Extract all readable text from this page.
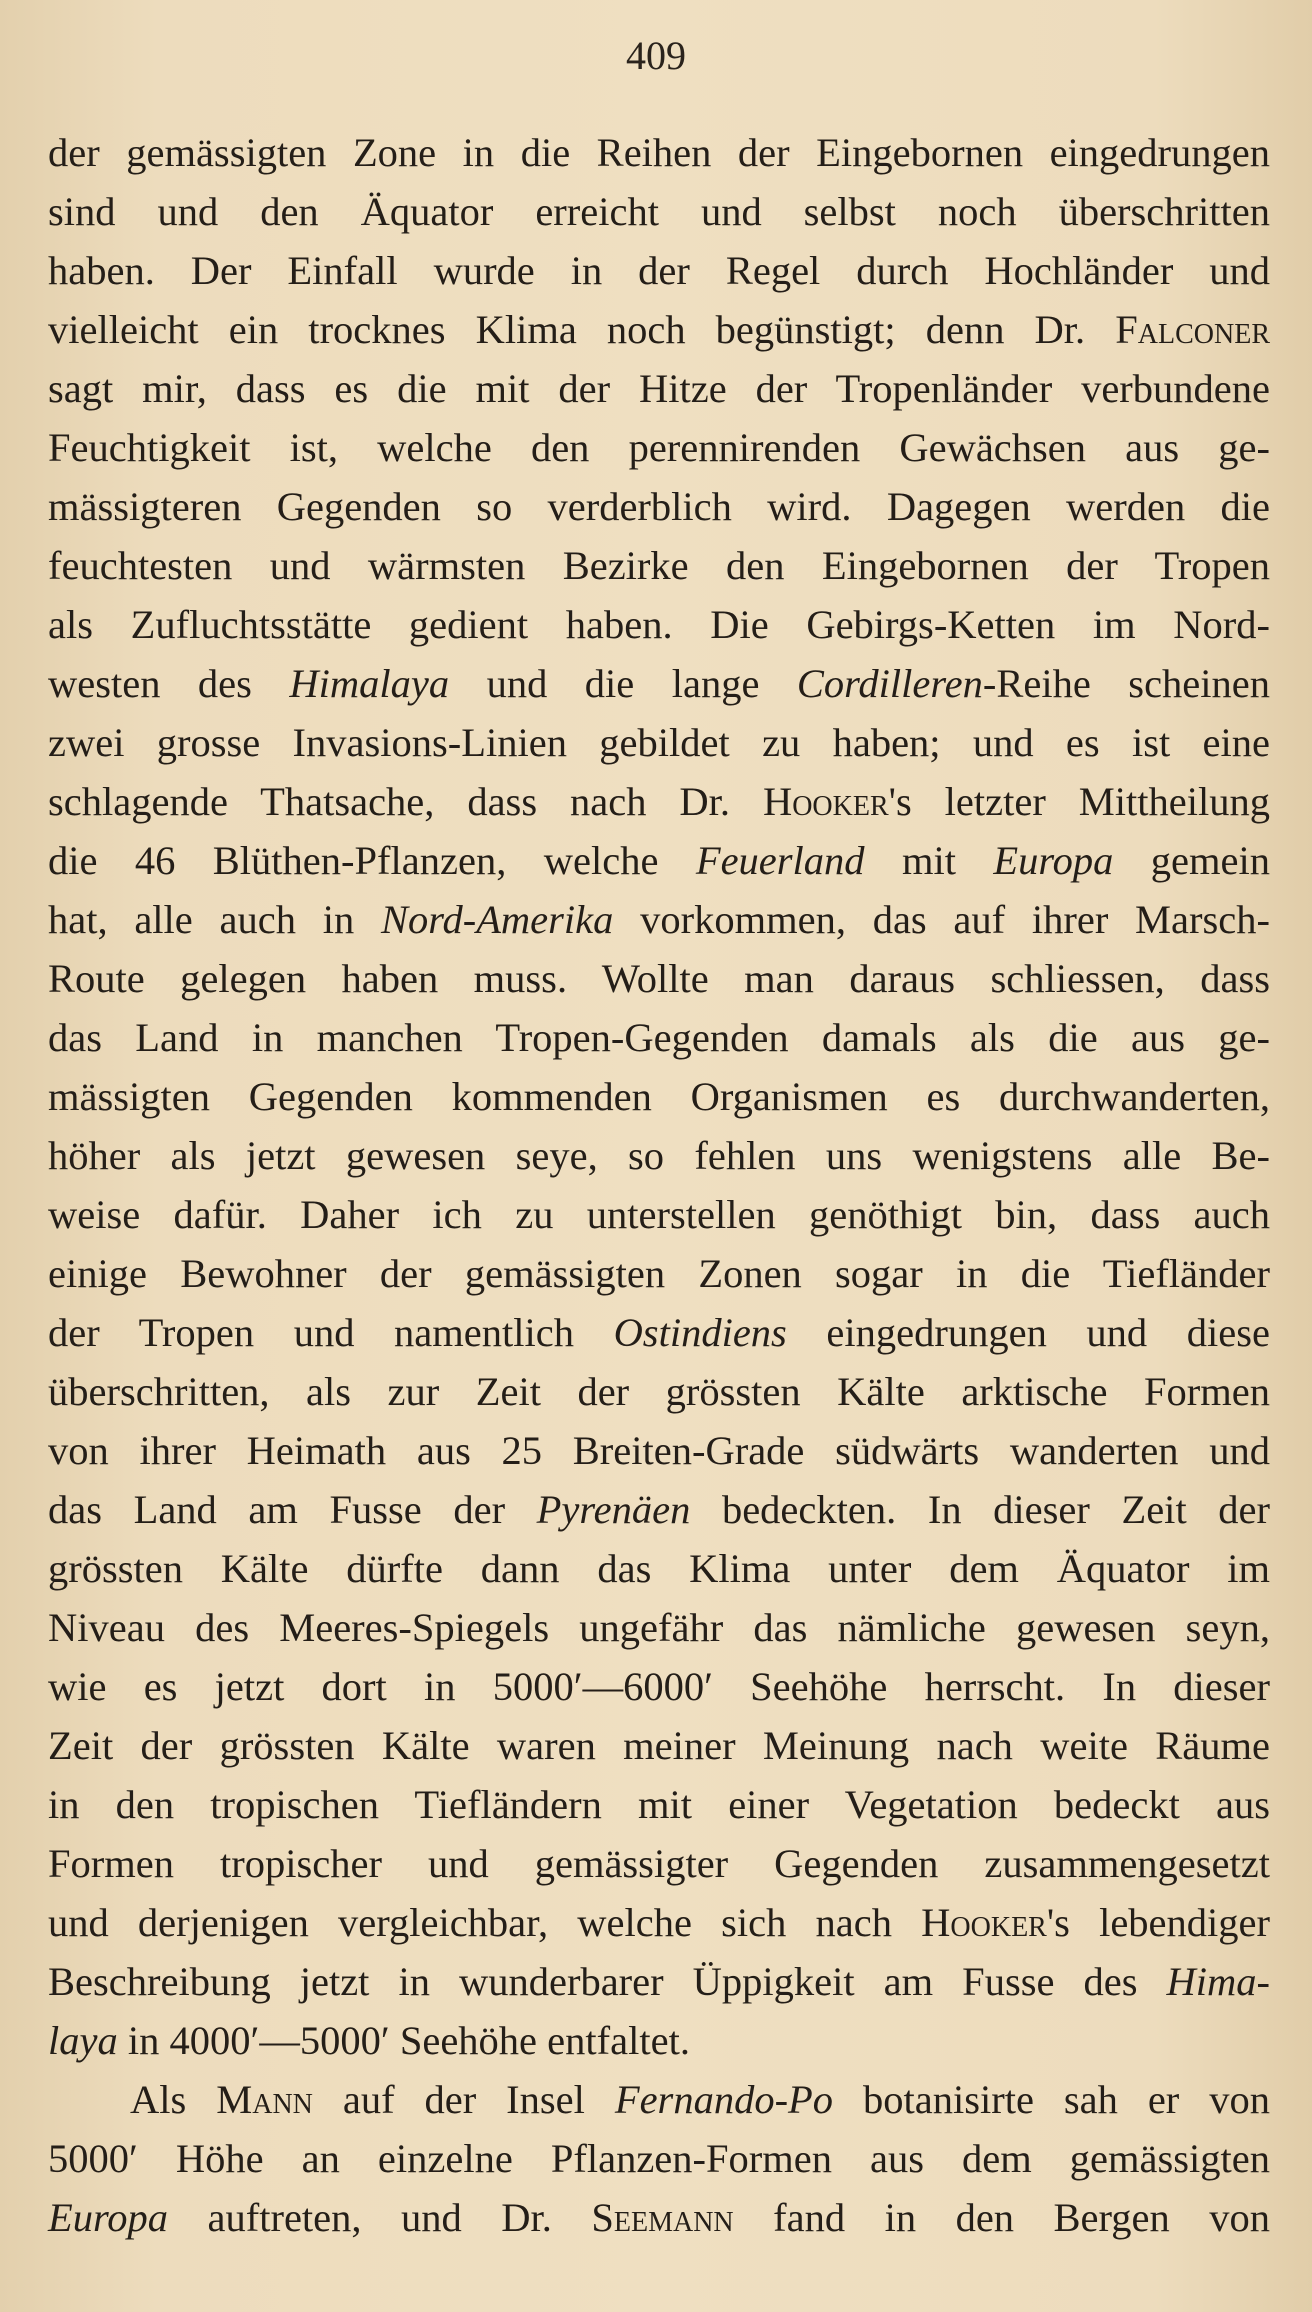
409

der gemässigten Zone in die Reihen der Eingebornen eingedrungen

sind und den Äquator erreicht und selbst noch überschritten

haben. Der Einfall wurde in der Regel durch Hochländer und

vielleicht ein trocknes Klima noch begünstigt; denn Dr. Falconer

sagt mir, dass es die mit der Hitze der Tropenländer verbundene

Feuchtigkeit ist, welche den perennirenden Gewächsen aus ge-

mässigteren Gegenden so verderblich wird. Dagegen werden die

feuchtesten und wärmsten Bezirke den Eingebornen der Tropen

als Zufluchtsstätte gedient haben. Die Gebirgs-Ketten im Nord-

westen des Himalaya und die lange Cordilleren-Reihe scheinen

zwei grosse Invasions-Linien gebildet zu haben; und es ist eine

schlagende Thatsache, dass nach Dr. Hooker's letzter Mittheilung

die 46 Blüthen-Pflanzen, welche Feuerland mit Europa gemein

hat, alle auch in Nord-Amerika vorkommen, das auf ihrer Marsch-

Route gelegen haben muss. Wollte man daraus schliessen, dass

das Land in manchen Tropen-Gegenden damals als die aus ge-

mässigten Gegenden kommenden Organismen es durchwanderten,

höher als jetzt gewesen seye, so fehlen uns wenigstens alle Be-

weise dafür. Daher ich zu unterstellen genöthigt bin, dass auch

einige Bewohner der gemässigten Zonen sogar in die Tiefländer

der Tropen und namentlich Ostindiens eingedrungen und diese

überschritten, als zur Zeit der grössten Kälte arktische Formen

von ihrer Heimath aus 25 Breiten-Grade südwärts wanderten und

das Land am Fusse der Pyrenäen bedeckten. In dieser Zeit der

grössten Kälte dürfte dann das Klima unter dem Äquator im

Niveau des Meeres-Spiegels ungefähr das nämliche gewesen seyn,

wie es jetzt dort in 5000′—6000′ Seehöhe herrscht. In dieser

Zeit der grössten Kälte waren meiner Meinung nach weite Räume

in den tropischen Tiefländern mit einer Vegetation bedeckt aus

Formen tropischer und gemässigter Gegenden zusammengesetzt

und derjenigen vergleichbar, welche sich nach Hooker's lebendiger

Beschreibung jetzt in wunderbarer Üppigkeit am Fusse des Hima-

laya in 4000′—5000′ Seehöhe entfaltet.

Als Mann auf der Insel Fernando-Po botanisirte sah er von

5000′ Höhe an einzelne Pflanzen-Formen aus dem gemässigten

Europa auftreten, und Dr. Seemann fand in den Bergen von
